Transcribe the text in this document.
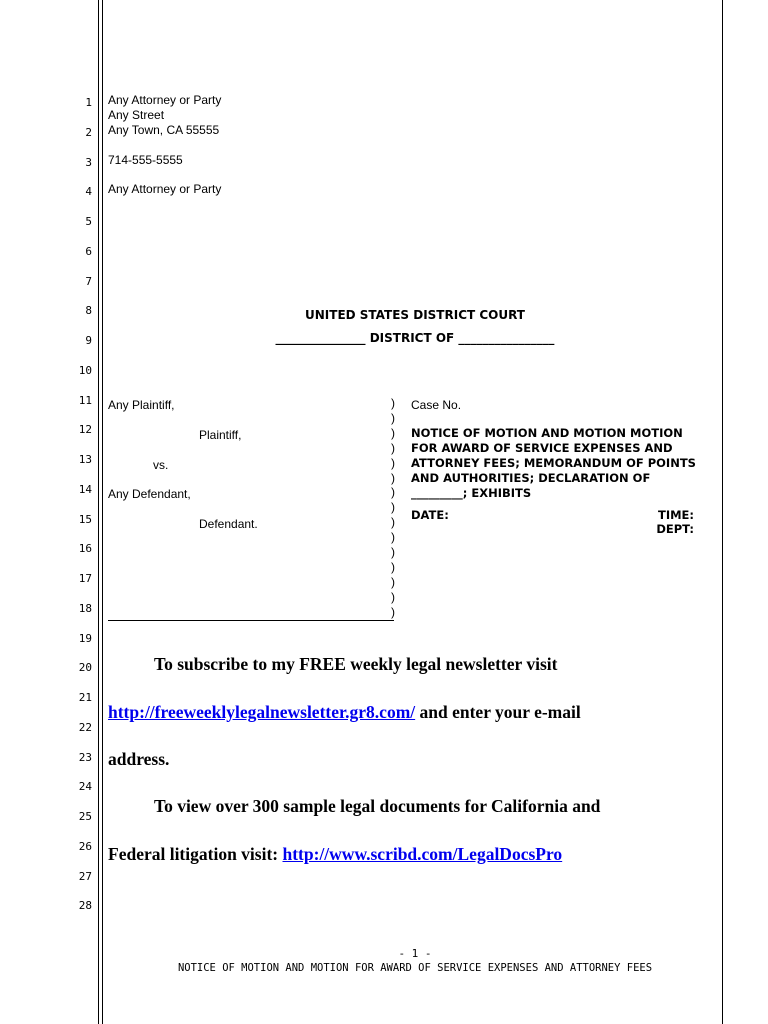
1
2
3
4
5
6
7
8
9
10
11
12
13
14
15
16
17
18
19
20
21
22
23
24
25
26
27
28
Any Attorney or Party
Any Street
Any Town, CA 55555
714-555-5555
Any Attorney or Party
UNITED STATES DISTRICT COURT
_______________ DISTRICT OF ________________
Any Plaintiff,
Plaintiff,
vs.
Any Defendant,
Defendant.
)
)
)
)
)
)
)
)
)
)
)
)
)
)
)
Case No.
NOTICE OF MOTION AND MOTION MOTION
FOR AWARD OF SERVICE EXPENSES AND
ATTORNEY FEES; MEMORANDUM OF POINTS
AND AUTHORITIES; DECLARATION OF
_________; EXHIBITS
DATE:	TIME:
DEPT:
To subscribe to my FREE weekly legal newsletter visit
http://freeweeklylegalnewsletter.gr8.com/ and enter your e-mail
address.
To view over 300 sample legal documents for California and
Federal litigation visit: http://www.scribd.com/LegalDocsPro
- 1 -
NOTICE OF MOTION AND MOTION FOR AWARD OF SERVICE EXPENSES AND ATTORNEY FEES
